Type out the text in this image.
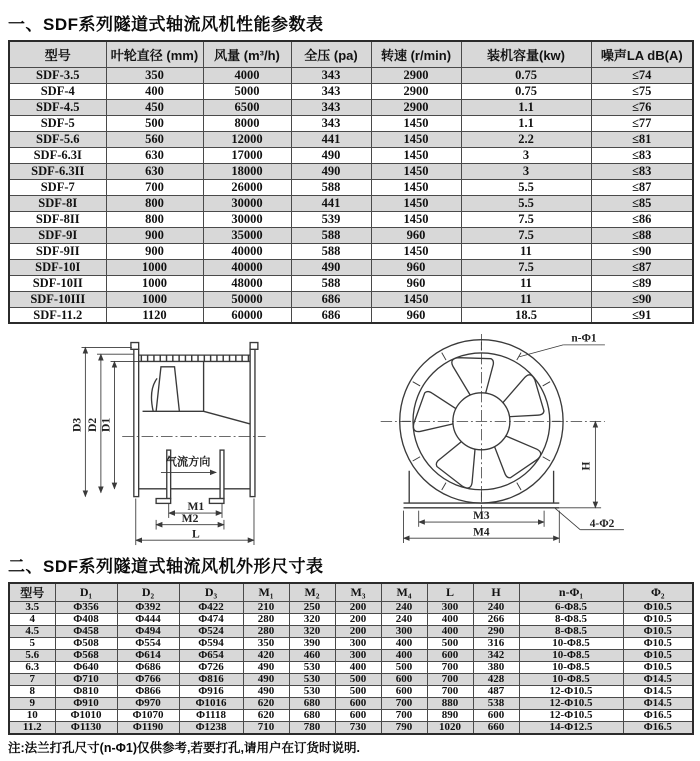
一、SDF系列隧道式轴流风机性能参数表
型号	叶轮直径 (mm)	风量 (m³/h)	全压 (pa)	转速 (r/min)	装机容量(kw)	噪声LA dB(A)
SDF-3.5	350	4000	343	2900	0.75	≤74
SDF-4	400	5000	343	2900	0.75	≤75
SDF-4.5	450	6500	343	2900	1.1	≤76
SDF-5	500	8000	343	1450	1.1	≤77
SDF-5.6	560	12000	441	1450	2.2	≤81
SDF-6.3I	630	17000	490	1450	3	≤83
SDF-6.3II	630	18000	490	1450	3	≤83
SDF-7	700	26000	588	1450	5.5	≤87
SDF-8I	800	30000	441	1450	5.5	≤85
SDF-8II	800	30000	539	1450	7.5	≤86
SDF-9I	900	35000	588	960	7.5	≤88
SDF-9II	900	40000	588	1450	11	≤90
SDF-10I	1000	40000	490	960	7.5	≤87
SDF-10II	1000	48000	588	960	11	≤89
SDF-10III	1000	50000	686	1450	11	≤90
SDF-11.2	1120	60000	686	960	18.5	≤91
D3 D2 D1
气流方向
M1
M2
L
n-Φ1
H
M3
M4
4-Φ2
二、SDF系列隧道式轴流风机外形尺寸表
型号	D₁	D₂	D₃	M₁	M₂	M₃	M₄	L	H	n-Φ₁	Φ₂
3.5	Φ356	Φ392	Φ422	210	250	200	240	300	240	6-Φ8.5	Φ10.5
4	Φ408	Φ444	Φ474	280	320	200	240	400	266	8-Φ8.5	Φ10.5
4.5	Φ458	Φ494	Φ524	280	320	200	300	400	290	8-Φ8.5	Φ10.5
5	Φ508	Φ554	Φ594	350	390	300	400	500	316	10-Φ8.5	Φ10.5
5.6	Φ568	Φ614	Φ654	420	460	300	400	600	342	10-Φ8.5	Φ10.5
6.3	Φ640	Φ686	Φ726	490	530	400	500	700	380	10-Φ8.5	Φ10.5
7	Φ710	Φ766	Φ816	490	530	500	600	700	428	10-Φ8.5	Φ14.5
8	Φ810	Φ866	Φ916	490	530	500	600	700	487	12-Φ10.5	Φ14.5
9	Φ910	Φ970	Φ1016	620	680	600	700	880	538	12-Φ10.5	Φ14.5
10	Φ1010	Φ1070	Φ1118	620	680	600	700	890	600	12-Φ10.5	Φ16.5
11.2	Φ1130	Φ1190	Φ1238	710	780	730	790	1020	660	14-Φ12.5	Φ16.5

注:法兰打孔尺寸(n-Φ1)仅供参考,若要打孔,请用户在订货时说明.
